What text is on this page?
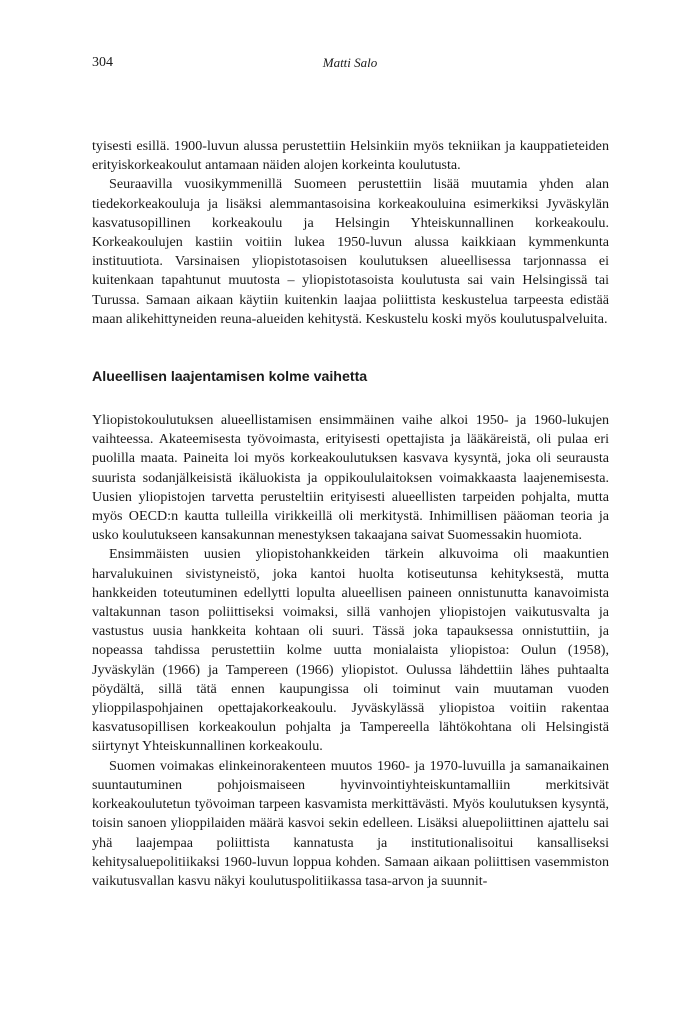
304	Matti Salo

tyisesti esillä. 1900-luvun alussa perustettiin Helsinkiin myös tekniikan ja kauppatieteiden erityiskorkeakoulut antamaan näiden alojen korkeinta koulutusta.

Seuraavilla vuosikymmenillä Suomeen perustettiin lisää muutamia yhden alan tiedekorkeakouluja ja lisäksi alemmantasoisina korkeakouluina esimerkiksi Jyväskylän kasvatusopillinen korkeakoulu ja Helsingin Yhteiskunnallinen korkeakoulu. Korkeakoulujen kastiin voitiin lukea 1950-luvun alussa kaikkiaan kymmenkunta instituutiota. Varsinaisen yliopistotasoisen koulutuksen alueellisessa tarjonnassa ei kuitenkaan tapahtunut muutosta – yliopistotasoista koulutusta sai vain Helsingissä tai Turussa. Samaan aikaan käytiin kuitenkin laajaa poliittista keskustelua tarpeesta edistää maan alikehittyneiden reuna-alueiden kehitystä. Keskustelu koski myös koulutuspalveluita.

Alueellisen laajentamisen kolme vaihetta

Yliopistokoulutuksen alueellistamisen ensimmäinen vaihe alkoi 1950- ja 1960-lukujen vaihteessa. Akateemisesta työvoimasta, erityisesti opettajista ja lääkäreistä, oli pulaa eri puolilla maata. Paineita loi myös korkeakoulutuksen kasvava kysyntä, joka oli seurausta suurista sodanjälkeisistä ikäluokista ja oppikoululaitoksen voimakkaasta laajenemisesta. Uusien yliopistojen tarvetta perusteltiin erityisesti alueellisten tarpeiden pohjalta, mutta myös OECD:n kautta tulleilla virikkeillä oli merkitystä. Inhimillisen pääoman teoria ja usko koulutukseen kansakunnan menestyksen takaajana saivat Suomessakin huomiota.

Ensimmäisten uusien yliopistohankkeiden tärkein alkuvoima oli maakuntien harvalukuinen sivistyneistö, joka kantoi huolta kotiseutunsa kehityksestä, mutta hankkeiden toteutuminen edellytti lopulta alueellisen paineen onnistunutta kanavoimista valtakunnan tason poliittiseksi voimaksi, sillä vanhojen yliopistojen vaikutusvalta ja vastustus uusia hankkeita kohtaan oli suuri. Tässä joka tapauksessa onnistuttiin, ja nopeassa tahdissa perustettiin kolme uutta monialaista yliopistoa: Oulun (1958), Jyväskylän (1966) ja Tampereen (1966) yliopistot. Oulussa lähdettiin lähes puhtaalta pöydältä, sillä tätä ennen kaupungissa oli toiminut vain muutaman vuoden ylioppilaspohjainen opettajakorkeakoulu. Jyväskylässä yliopistoa voitiin rakentaa kasvatusopillisen korkeakoulun pohjalta ja Tampereella lähtökohtana oli Helsingistä siirtynyt Yhteiskunnallinen korkeakoulu.

Suomen voimakas elinkeinorakenteen muutos 1960- ja 1970-luvuilla ja samanaikainen suuntautuminen pohjoismaiseen hyvinvointiyhteiskuntamalliin merkitsivät korkeakoulutetun työvoiman tarpeen kasvamista merkittävästi. Myös koulutuksen kysyntä, toisin sanoen ylioppilaiden määrä kasvoi sekin edelleen. Lisäksi aluepoliittinen ajattelu sai yhä laajempaa poliittista kannatusta ja institutionalisoitui kansalliseksi kehitysaluepolitiikaksi 1960-luvun loppua kohden. Samaan aikaan poliittisen vasemmiston vaikutusvallan kasvu näkyi koulutuspolitiikassa tasa-arvon ja suunnit-
